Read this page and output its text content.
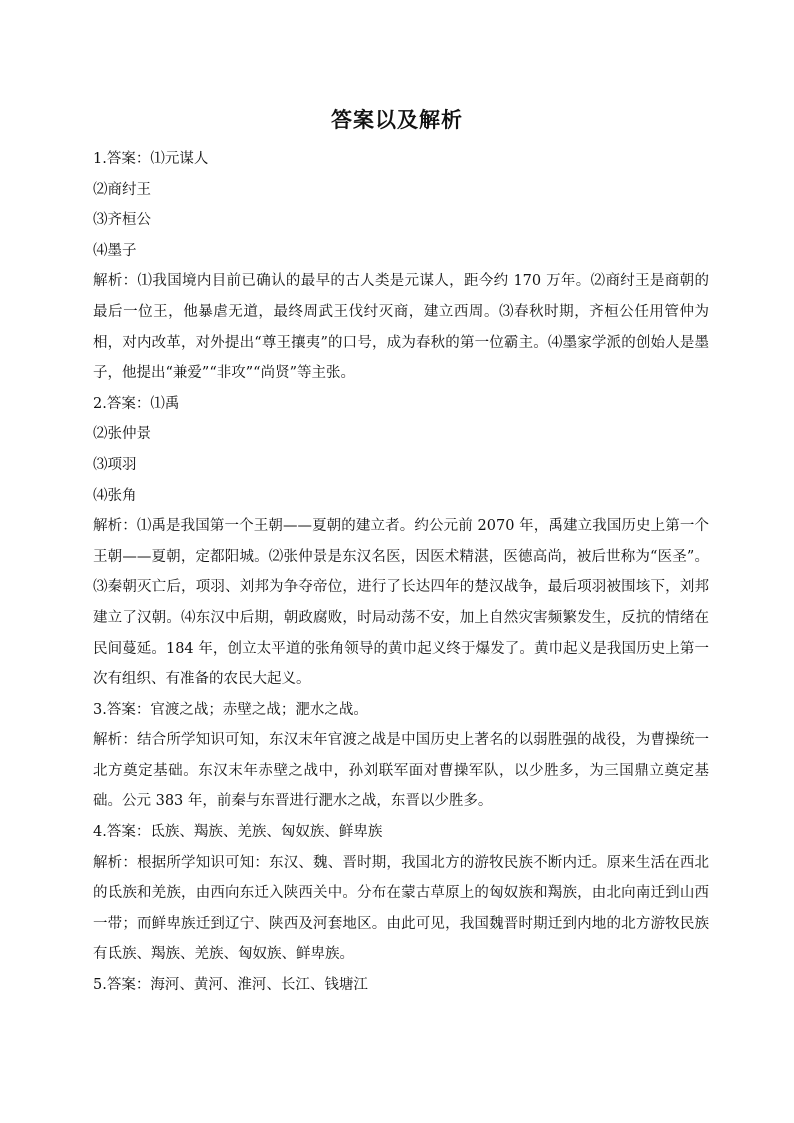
答案以及解析

1.答案：⑴元谋人

⑵商纣王

⑶齐桓公

⑷墨子

解析：⑴我国境内目前已确认的最早的古人类是元谋人，距今约 170 万年。⑵商纣王是商朝的最后一位王，他暴虐无道，最终周武王伐纣灭商，建立西周。⑶春秋时期，齐桓公任用管仲为相，对内改革，对外提出“尊王攘夷”的口号，成为春秋的第一位霸主。⑷墨家学派的创始人是墨子，他提出“兼爱”“非攻”“尚贤”等主张。

2.答案：⑴禹

⑵张仲景

⑶项羽

⑷张角

解析：⑴禹是我国第一个王朝——夏朝的建立者。约公元前 2070 年，禹建立我国历史上第一个王朝——夏朝，定都阳城。⑵张仲景是东汉名医，因医术精湛，医德高尚，被后世称为“医圣”。⑶秦朝灭亡后，项羽、刘邦为争夺帝位，进行了长达四年的楚汉战争，最后项羽被围垓下，刘邦建立了汉朝。⑷东汉中后期，朝政腐败，时局动荡不安，加上自然灾害频繁发生，反抗的情绪在民间蔓延。184 年，创立太平道的张角领导的黄巾起义终于爆发了。黄巾起义是我国历史上第一次有组织、有准备的农民大起义。

3.答案：官渡之战；赤壁之战；淝水之战。

解析：结合所学知识可知，东汉末年官渡之战是中国历史上著名的以弱胜强的战役，为曹操统一北方奠定基础。东汉末年赤壁之战中，孙刘联军面对曹操军队，以少胜多，为三国鼎立奠定基础。公元 383 年，前秦与东晋进行淝水之战，东晋以少胜多。

4.答案：氐族、羯族、羌族、匈奴族、鲜卑族

解析：根据所学知识可知：东汉、魏、晋时期，我国北方的游牧民族不断内迁。原来生活在西北的氐族和羌族，由西向东迁入陕西关中。分布在蒙古草原上的匈奴族和羯族，由北向南迁到山西一带；而鲜卑族迁到辽宁、陕西及河套地区。由此可见，我国魏晋时期迁到内地的北方游牧民族有氐族、羯族、羌族、匈奴族、鲜卑族。

5.答案：海河、黄河、淮河、长江、钱塘江
